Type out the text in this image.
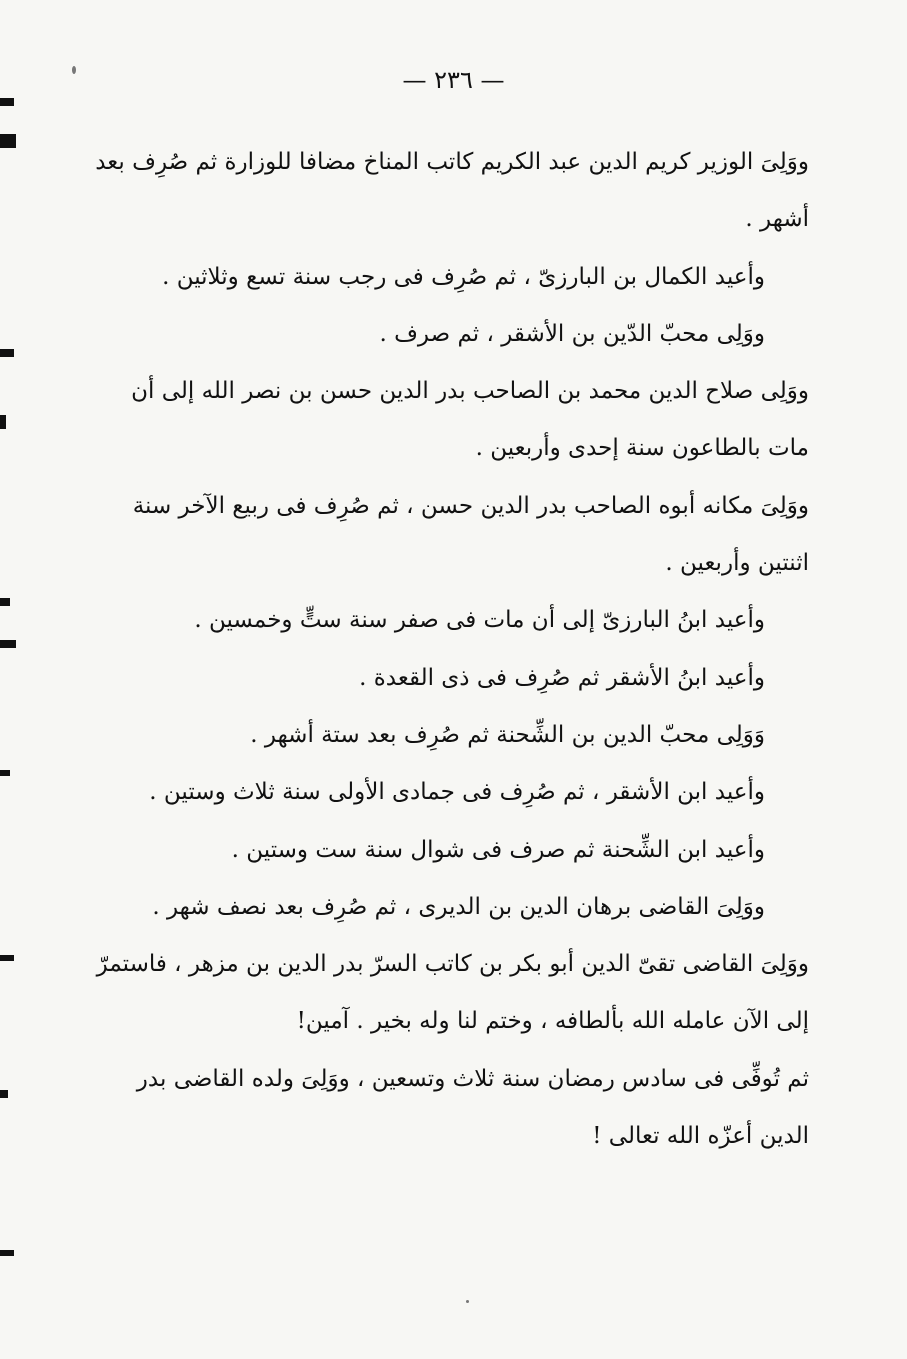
— ٢٣٦ —

ووَلِىَ الوزير كريم الدين عبد الكريم كاتب المناخ مضافا للوزارة ثم صُرِف بعد أشهر .

وأعيد الكمال بن البارزىّ ، ثم صُرِف فى رجب سنة تسع وثلاثين .

ووَلِى محبّ الدّين بن الأشقر ، ثم صرف .

ووَلِى صلاح الدين محمد بن الصاحب بدر الدين حسن بن نصر الله إلى أن مات بالطاعون سنة إحدى وأربعين .

ووَلِىَ مكانه أبوه الصاحب بدر الدين حسن ، ثم صُرِف فى ربيع الآخر سنة اثنتين وأربعين .

وأعيد ابنُ البارزىّ إلى أن مات فى صفر سنة ستٍّ وخمسين .

وأعيد ابنُ الأشقر ثم صُرِف فى ذى القعدة .

وَوَلِى محبّ الدين بن الشِّحنة ثم صُرِف بعد ستة أشهر .

وأعيد ابن الأشقر ، ثم صُرِف فى جمادى الأولى سنة ثلاث وستين .

وأعيد ابن الشِّحنة ثم صرف فى شوال سنة ست وستين .

ووَلِىَ القاضى برهان الدين بن الديرى ، ثم صُرِف بعد نصف شهر .

ووَلِىَ القاضى تقىّ الدين أبو بكر بن كاتب السرّ بدر الدين بن مزهر ، فاستمرّ إلى الآن عامله الله بألطافه ، وختم لنا وله بخير . آمين!

ثم تُوفِّى فى سادس رمضان سنة ثلاث وتسعين ، ووَلِىَ ولده القاضى بدر الدين أعزّه الله تعالى !
